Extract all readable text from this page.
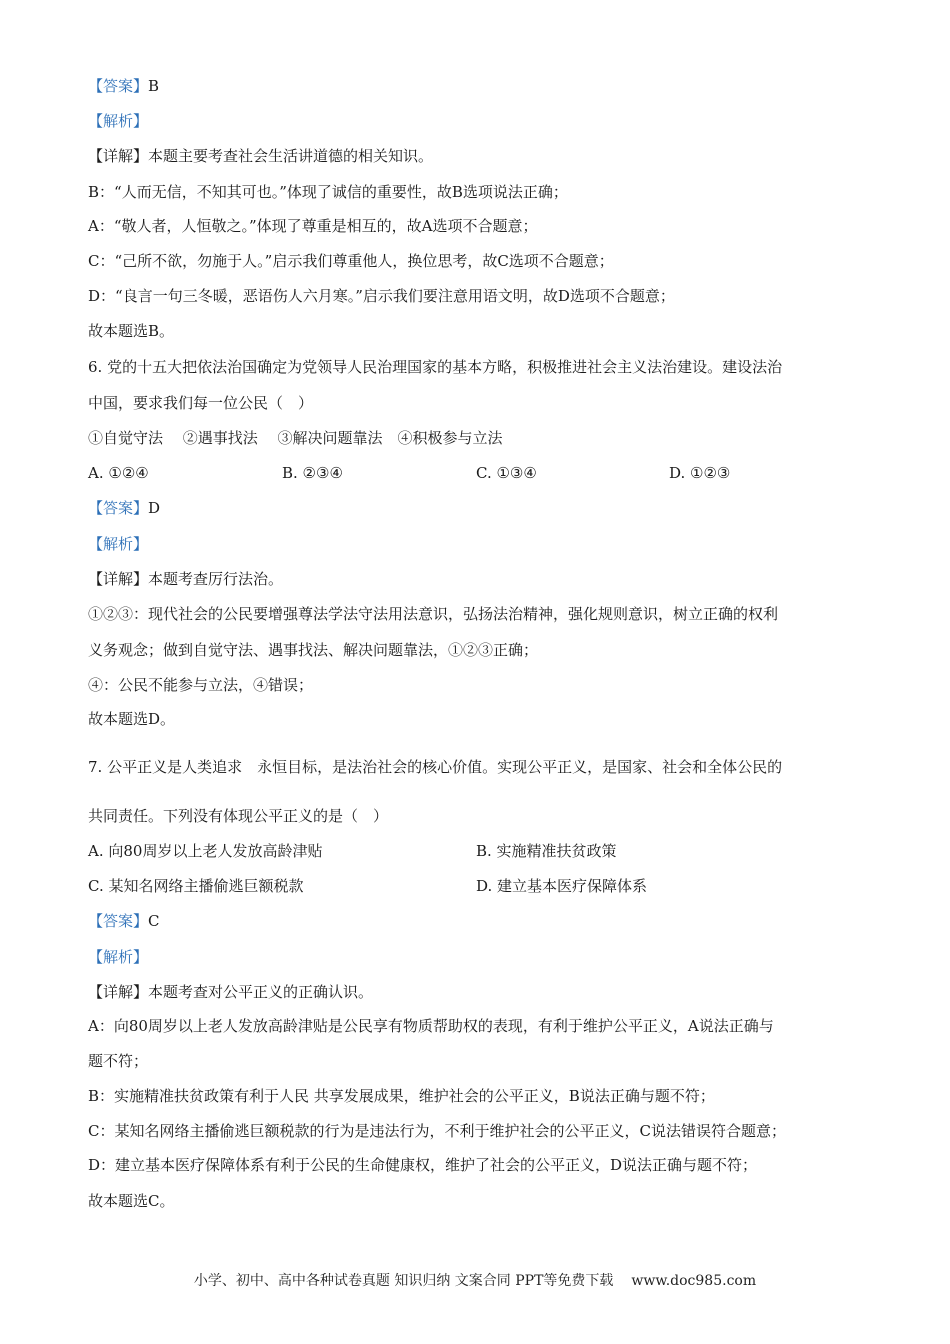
【答案】B
【解析】
【详解】本题主要考查社会生活讲道德的相关知识。
B：“人而无信，不知其可也。”体现了诚信的重要性，故B选项说法正确；
A：“敬人者，人恒敬之。”体现了尊重是相互的，故A选项不合题意；
C：“己所不欲，勿施于人。”启示我们尊重他人，换位思考，故C选项不合题意；
D：“良言一句三冬暖，恶语伤人六月寒。”启示我们要注意用语文明，故D选项不合题意；
故本题选B。
6. 党的十五大把依法治国确定为党领导人民治理国家的基本方略，积极推进社会主义法治建设。建设法治
中国，要求我们每一位公民（　）
①自觉守法　 ②遇事找法　 ③解决问题靠法　④积极参与立法
A. ①②④	B. ②③④	C. ①③④	D. ①②③
【答案】D
【解析】
【详解】本题考查厉行法治。
①②③：现代社会的公民要增强尊法学法守法用法意识，弘扬法治精神，强化规则意识，树立正确的权利
义务观念；做到自觉守法、遇事找法、解决问题靠法，①②③正确；
④：公民不能参与立法，④错误；
故本题选D。
7. 公平正义是人类追求　永恒目标，是法治社会的核心价值。实现公平正义，是国家、社会和全体公民的
共同责任。下列没有体现公平正义的是（　）
A. 向80周岁以上老人发放高龄津贴	B. 实施精准扶贫政策
C. 某知名网络主播偷逃巨额税款	D. 建立基本医疗保障体系
【答案】C
【解析】
【详解】本题考查对公平正义的正确认识。
A：向80周岁以上老人发放高龄津贴是公民享有物质帮助权的表现，有利于维护公平正义，A说法正确与
题不符；
B：实施精准扶贫政策有利于人民 共享发展成果，维护社会的公平正义，B说法正确与题不符；
C：某知名网络主播偷逃巨额税款的行为是违法行为，不利于维护社会的公平正义，C说法错误符合题意；
D：建立基本医疗保障体系有利于公民的生命健康权，维护了社会的公平正义，D说法正确与题不符；
故本题选C。
小学、初中、高中各种试卷真题 知识归纳 文案合同 PPT等免费下载 www.doc985.com
